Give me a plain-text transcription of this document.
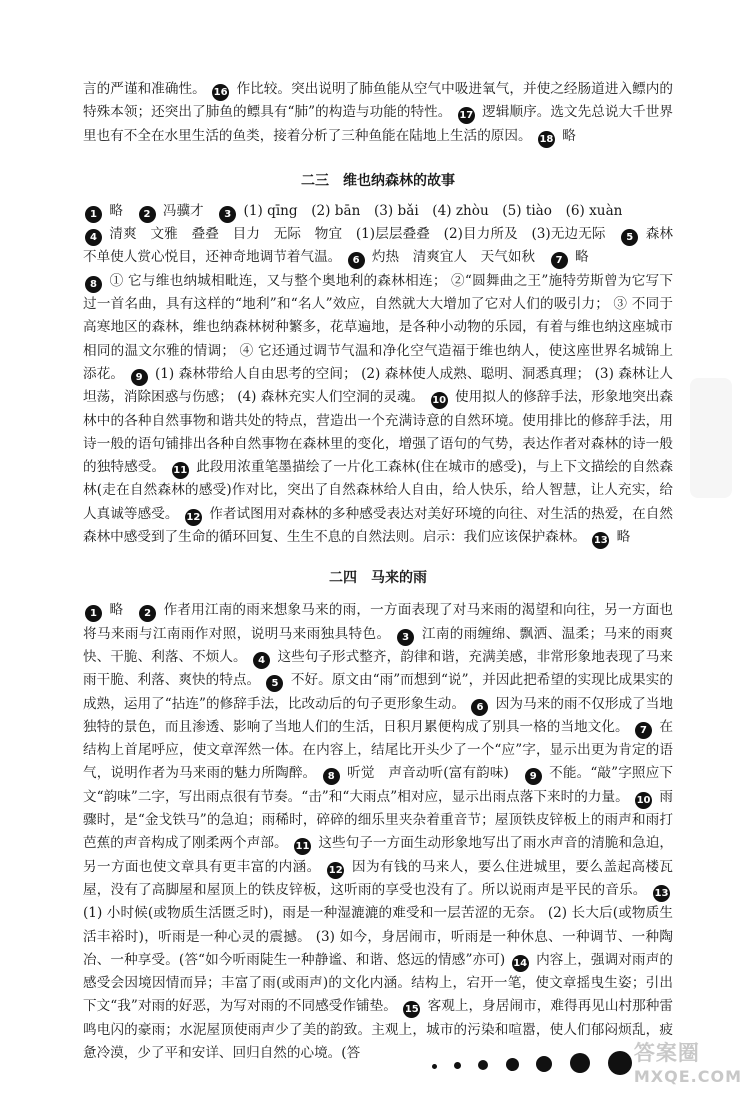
言的严谨和准确性。 16 作比较。突出说明了肺鱼能从空气中吸进氧气，并使之经肠道进入鳔内的特殊本领；还突出了肺鱼的鳔具有“肺”的构造与功能的特性。 17 逻辑顺序。选文先总说大千世界里也有不全在水里生活的鱼类，接着分析了三种鱼能在陆地上生活的原因。 18 略

二三　维也纳森林的故事

1 略　2 冯骥才　3 (1) qīng　(2) bān　(3) bǎi　(4) zhòu　(5) tiào　(6) xuàn

4 清爽　文雅　叠叠　目力　无际　物宜　(1)层层叠叠　(2)目力所及　(3)无边无际　5 森林不单使人赏心悦目，还神奇地调节着气温。 6 灼热　清爽宜人　天气如秋　7 略

8 ① 它与维也纳城相毗连，又与整个奥地利的森林相连； ②“圆舞曲之王”施特劳斯曾为它写下过一首名曲，具有这样的“地利”和“名人”效应，自然就大大增加了它对人们的吸引力； ③ 不同于高寒地区的森林，维也纳森林树种繁多，花草遍地，是各种小动物的乐园，有着与维也纳这座城市相同的温文尔雅的情调； ④ 它还通过调节气温和净化空气造福于维也纳人，使这座世界名城锦上添花。 9 (1) 森林带给人自由思考的空间； (2) 森林使人成熟、聪明、洞悉真理； (3) 森林让人坦荡，消除困惑与伤感； (4) 森林充实人们空洞的灵魂。 10 使用拟人的修辞手法，形象地突出森林中的各种自然事物和谐共处的特点，营造出一个充满诗意的自然环境。使用排比的修辞手法，用诗一般的语句铺排出各种自然事物在森林里的变化，增强了语句的气势，表达作者对森林的诗一般的独特感受。 11 此段用浓重笔墨描绘了一片化工森林(住在城市的感受)，与上下文描绘的自然森林(走在自然森林的感受)作对比，突出了自然森林给人自由，给人快乐，给人智慧，让人充实，给人真诚等感受。 12 作者试图用对森林的多种感受表达对美好环境的向往、对生活的热爱，在自然森林中感受到了生命的循环回复、生生不息的自然法则。启示：我们应该保护森林。 13 略

二四　马来的雨

1 略　2 作者用江南的雨来想象马来的雨，一方面表现了对马来雨的渴望和向往，另一方面也将马来雨与江南雨作对照，说明马来雨独具特色。 3 江南的雨缠绵、飘洒、温柔；马来的雨爽快、干脆、利落、不烦人。 4 这些句子形式整齐，韵律和谐，充满美感，非常形象地表现了马来雨干脆、利落、爽快的特点。 5 不好。原文由“雨”而想到“说”，并因此把希望的实现比成果实的成熟，运用了“拈连”的修辞手法，比改动后的句子更形象生动。 6 因为马来的雨不仅形成了当地独特的景色，而且渗透、影响了当地人们的生活，日积月累便构成了别具一格的当地文化。 7 在结构上首尾呼应，使文章浑然一体。在内容上，结尾比开头少了一个“应”字，显示出更为肯定的语气，说明作者为马来雨的魅力所陶醉。 8 听觉　声音动听(富有韵味)　9 不能。“敲”字照应下文“韵味”二字，写出雨点很有节奏。“击”和“大雨点”相对应，显示出雨点落下来时的力量。 10 雨骤时，是“金戈铁马”的急迫；雨稀时，碎碎的细乐里夹杂着重音节；屋顶铁皮锌板上的雨声和雨打芭蕉的声音构成了刚柔两个声部。 11 这些句子一方面生动形象地写出了雨水声音的清脆和急迫，另一方面也使文章具有更丰富的内涵。 12 因为有钱的马来人，要么住进城里，要么盖起高楼瓦屋，没有了高脚屋和屋顶上的铁皮锌板，这听雨的享受也没有了。所以说雨声是平民的音乐。 13 (1) 小时候(或物质生活匮乏时)，雨是一种湿漉漉的难受和一层苦涩的无奈。 (2) 长大后(或物质生活丰裕时)，听雨是一种心灵的震撼。 (3) 如今，身居闹市，听雨是一种休息、一种调节、一种陶冶、一种享受。(答“如今听雨陡生一种静谧、和谐、悠远的情感”亦可) 14 内容上，强调对雨声的感受会因境因情而异；丰富了雨(或雨声)的文化内涵。结构上，宕开一笔，使文章摇曳生姿；引出下文“我”对雨的好恶，为写对雨的不同感受作铺垫。 15 客观上，身居闹市，难得再见山村那种雷鸣电闪的豪雨；水泥屋顶使雨声少了美的韵致。主观上，城市的污染和喧嚣，使人们郁闷烦乱，疲惫冷漠，少了平和安详、回归自然的心境。(答	答案圈
MXQE.COM
